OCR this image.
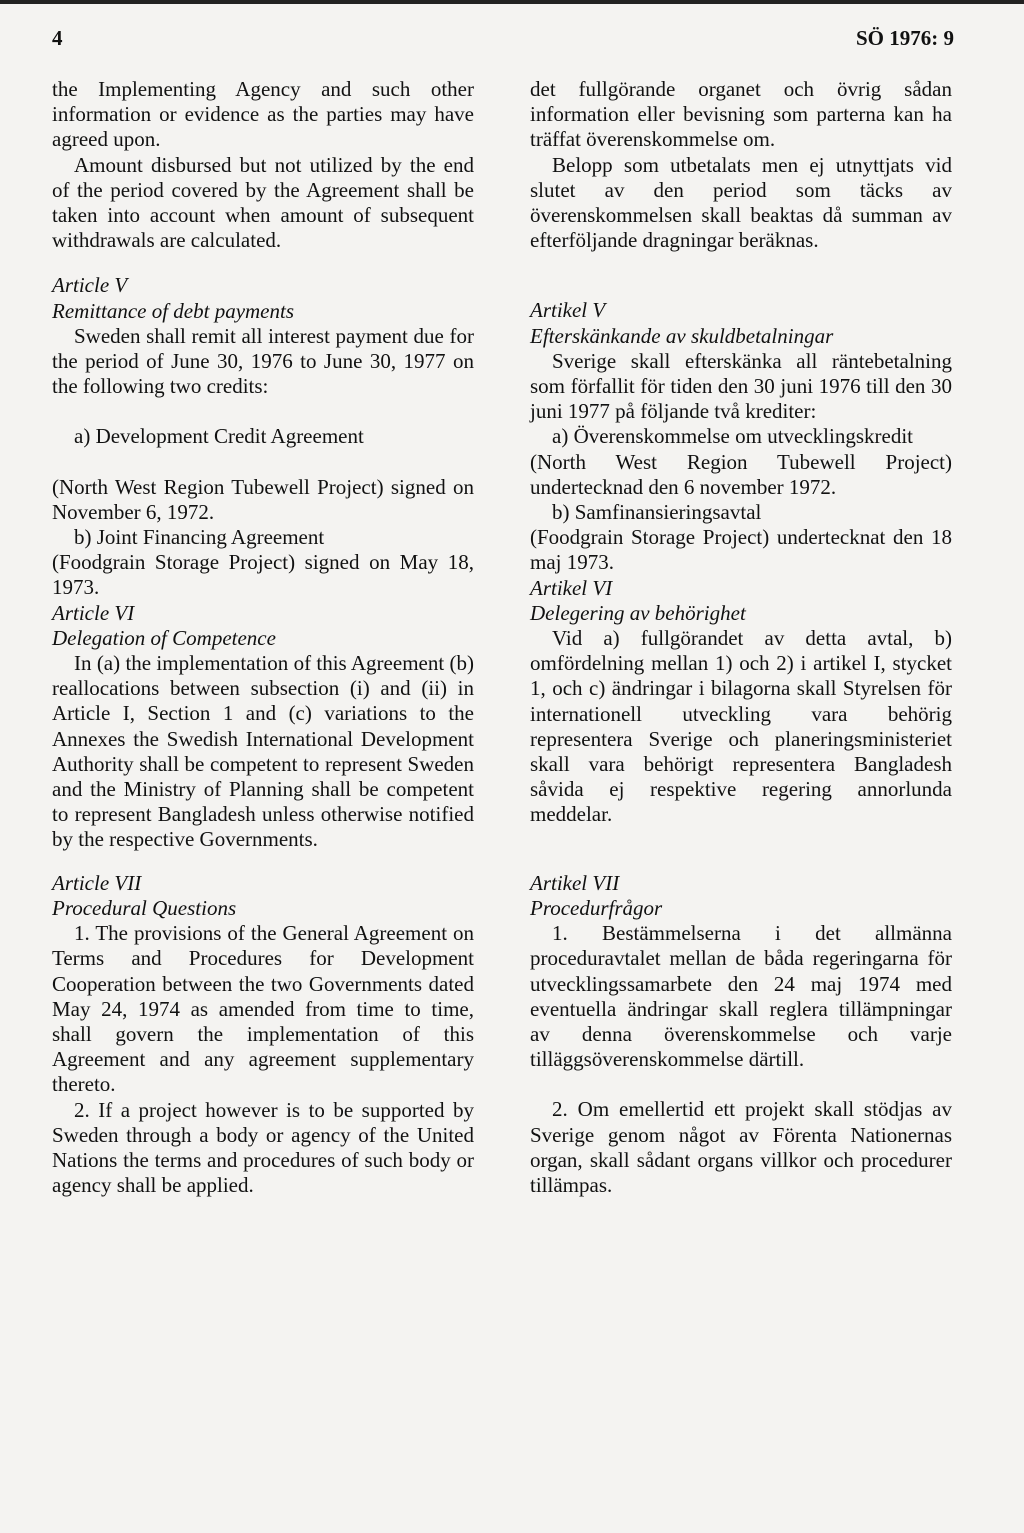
4	SÖ 1976: 9

the Implementing Agency and such other information or evidence as the parties may have agreed upon.

Amount disbursed but not utilized by the end of the period covered by the Agreement shall be taken into account when amount of subsequent withdrawals are calculated.

Article V

Remittance of debt payments

Sweden shall remit all interest payment due for the period of June 30, 1976 to June 30, 1977 on the following two credits:

a) Development Credit Agreement

(North West Region Tubewell Project) signed on November 6, 1972.

b) Joint Financing Agreement

(Foodgrain Storage Project) signed on May 18, 1973.

Article VI

Delegation of Competence

In (a) the implementation of this Agreement (b) reallocations between subsection (i) and (ii) in Article I, Section 1 and (c) variations to the Annexes the Swedish International Development Authority shall be competent to represent Sweden and the Ministry of Planning shall be competent to represent Bangladesh unless otherwise notified by the respective Governments.

Article VII

Procedural Questions

1. The provisions of the General Agreement on Terms and Procedures for Development Cooperation between the two Governments dated May 24, 1974 as amended from time to time, shall govern the implementation of this Agreement and any agreement supplementary thereto.

2. If a project however is to be supported by Sweden through a body or agency of the United Nations the terms and procedures of such body or agency shall be applied.

det fullgörande organet och övrig sådan information eller bevisning som parterna kan ha träffat överenskommelse om.

Belopp som utbetalats men ej utnyttjats vid slutet av den period som täcks av överenskommelsen skall beaktas då summan av efterföljande dragningar beräknas.

Artikel V

Efterskänkande av skuldbetalningar

Sverige skall efterskänka all räntebetalning som förfallit för tiden den 30 juni 1976 till den 30 juni 1977 på följande två krediter:

a) Överenskommelse om utvecklingskredit

(North West Region Tubewell Project) undertecknad den 6 november 1972.

b) Samfinansieringsavtal

(Foodgrain Storage Project) undertecknat den 18 maj 1973.

Artikel VI

Delegering av behörighet

Vid a) fullgörandet av detta avtal, b) omfördelning mellan 1) och 2) i artikel I, stycket 1, och c) ändringar i bilagorna skall Styrelsen för internationell utveckling vara behörig representera Sverige och planeringsministeriet skall vara behörigt representera Bangladesh såvida ej respektive regering annorlunda meddelar.

Artikel VII

Procedurfrågor

1. Bestämmelserna i det allmänna proceduravtalet mellan de båda regeringarna för utvecklingssamarbete den 24 maj 1974 med eventuella ändringar skall reglera tillämpningar av denna överenskommelse och varje tilläggsöverenskommelse därtill.

2. Om emellertid ett projekt skall stödjas av Sverige genom något av Förenta Nationernas organ, skall sådant organs villkor och procedurer tillämpas.
